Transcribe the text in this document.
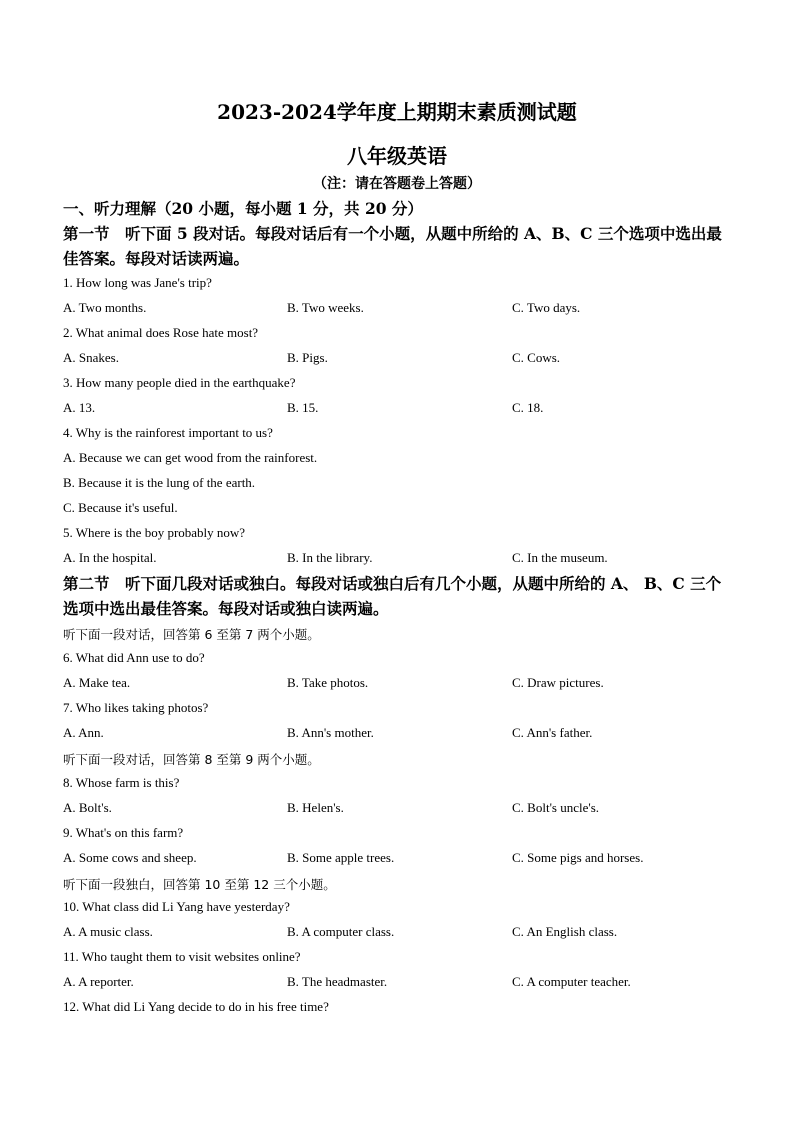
2023-2024学年度上期期末素质测试题
八年级英语
（注：请在答题卷上答题）
一、听力理解（20 小题，每小题 1 分，共 20 分）
第一节　听下面 5 段对话。每段对话后有一个小题，从题中所给的 A、B、C 三个选项中选出最佳答案。每段对话读两遍。
1. How long was Jane's trip?
A. Two months.	B. Two weeks.	C. Two days.
2. What animal does Rose hate most?
A. Snakes.	B. Pigs.	C. Cows.
3. How many people died in the earthquake?
A. 13.	B. 15.	C. 18.
4. Why is the rainforest important to us?
A. Because we can get wood from the rainforest.
B. Because it is the lung of the earth.
C. Because it's useful.
5. Where is the boy probably now?
A. In the hospital.	B. In the library.	C. In the museum.
第二节　听下面几段对话或独白。每段对话或独白后有几个小题，从题中所给的 A、 B、C 三个选项中选出最佳答案。每段对话或独白读两遍。
听下面一段对话，回答第 6 至第 7 两个小题。
6. What did Ann use to do?
A. Make tea.	B. Take photos.	C. Draw pictures.
7. Who likes taking photos?
A. Ann.	B. Ann's mother.	C. Ann's father.
听下面一段对话，回答第 8 至第 9 两个小题。
8. Whose farm is this?
A. Bolt's.	B. Helen's.	C. Bolt's uncle's.
9. What's on this farm?
A. Some cows and sheep.	B. Some apple trees.	C. Some pigs and horses.
听下面一段独白，回答第 10 至第 12 三个小题。
10. What class did Li Yang have yesterday?
A. A music class.	B. A computer class.	C. An English class.
11. Who taught them to visit websites online?
A. A reporter.	B. The headmaster.	C. A computer teacher.
12. What did Li Yang decide to do in his free time?
